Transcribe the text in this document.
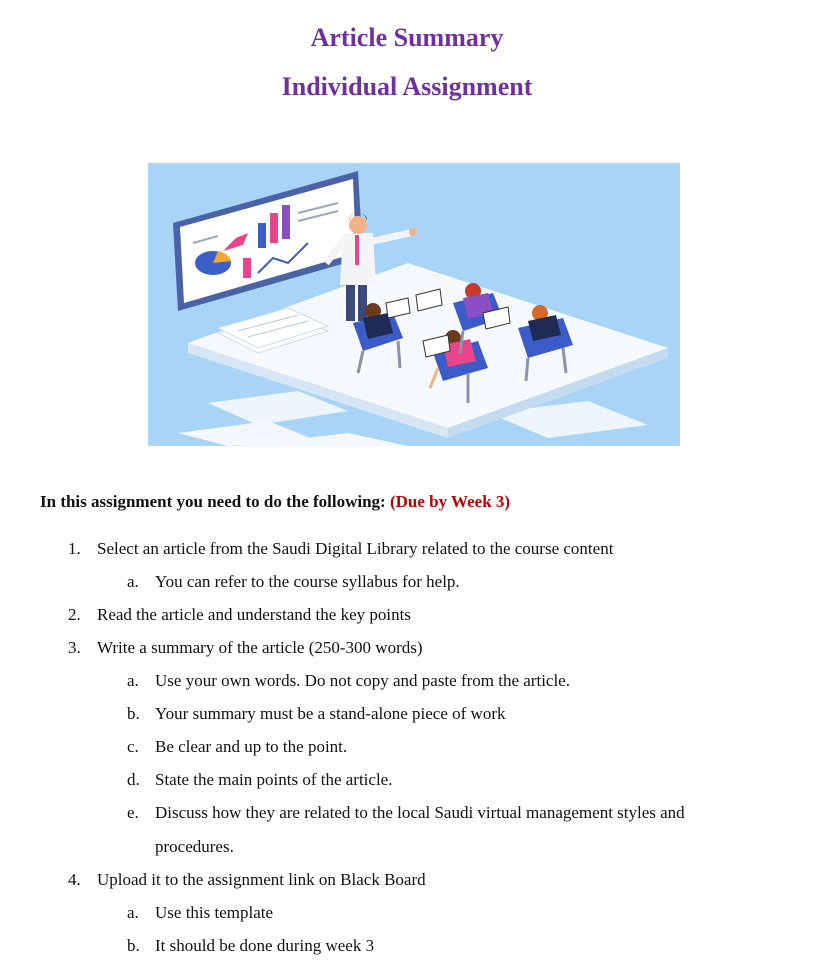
Article Summary
Individual Assignment
In this assignment you need to do the following: (Due by Week 3)
1. Select an article from the Saudi Digital Library related to the course content
a. You can refer to the course syllabus for help.
2. Read the article and understand the key points
3. Write a summary of the article (250-300 words)
a. Use your own words. Do not copy and paste from the article.
b. Your summary must be a stand-alone piece of work
c. Be clear and up to the point.
d. State the main points of the article.
e. Discuss how they are related to the local Saudi virtual management styles and
procedures.
4. Upload it to the assignment link on Black Board
a. Use this template
b. It should be done during week 3
